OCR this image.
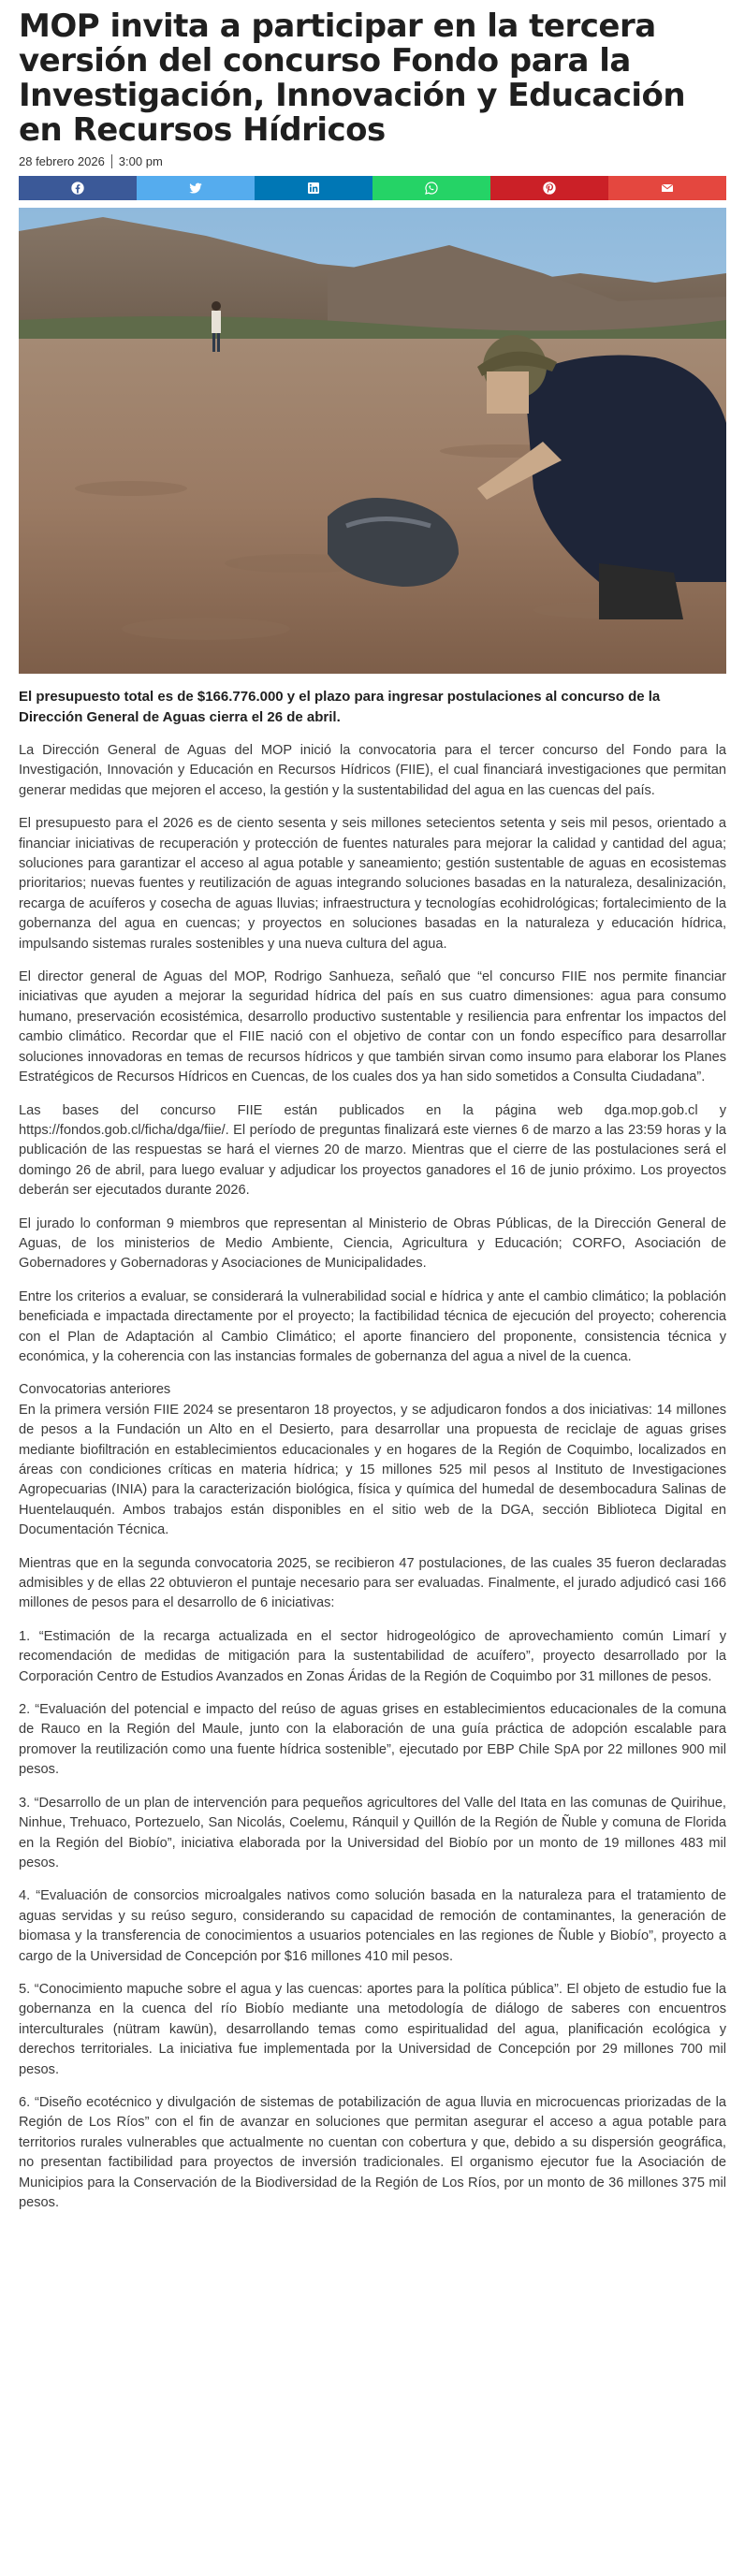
MOP invita a participar en la tercera versión del concurso Fondo para la Investigación, Innovación y Educación en Recursos Hídricos
28 febrero 2026 3:00 pm

El presupuesto total es de $166.776.000 y el plazo para ingresar postulaciones al concurso de la Dirección General de Aguas cierra el 26 de abril.

La Dirección General de Aguas del MOP inició la convocatoria para el tercer concurso del Fondo para la Investigación, Innovación y Educación en Recursos Hídricos (FIIE), el cual financiará investigaciones que permitan generar medidas que mejoren el acceso, la gestión y la sustentabilidad del agua en las cuencas del país.

El presupuesto para el 2026 es de ciento sesenta y seis millones setecientos setenta y seis mil pesos, orientado a financiar iniciativas de recuperación y protección de fuentes naturales para mejorar la calidad y cantidad del agua; soluciones para garantizar el acceso al agua potable y saneamiento; gestión sustentable de aguas en ecosistemas prioritarios; nuevas fuentes y reutilización de aguas integrando soluciones basadas en la naturaleza, desalinización, recarga de acuíferos y cosecha de aguas lluvias; infraestructura y tecnologías ecohidrológicas; fortalecimiento de la gobernanza del agua en cuencas; y proyectos en soluciones basadas en la naturaleza y educación hídrica, impulsando sistemas rurales sostenibles y una nueva cultura del agua.

El director general de Aguas del MOP, Rodrigo Sanhueza, señaló que “el concurso FIIE nos permite financiar iniciativas que ayuden a mejorar la seguridad hídrica del país en sus cuatro dimensiones: agua para consumo humano, preservación ecosistémica, desarrollo productivo sustentable y resiliencia para enfrentar los impactos del cambio climático. Recordar que el FIIE nació con el objetivo de contar con un fondo específico para desarrollar soluciones innovadoras en temas de recursos hídricos y que también sirvan como insumo para elaborar los Planes Estratégicos de Recursos Hídricos en Cuencas, de los cuales dos ya han sido sometidos a Consulta Ciudadana”.

Las bases del concurso FIIE están publicados en la página web dga.mop.gob.cl y https://fondos.gob.cl/ficha/dga/fiie/. El período de preguntas finalizará este viernes 6 de marzo a las 23:59 horas y la publicación de las respuestas se hará el viernes 20 de marzo. Mientras que el cierre de las postulaciones será el domingo 26 de abril, para luego evaluar y adjudicar los proyectos ganadores el 16 de junio próximo. Los proyectos deberán ser ejecutados durante 2026.

El jurado lo conforman 9 miembros que representan al Ministerio de Obras Públicas, de la Dirección General de Aguas, de los ministerios de Medio Ambiente, Ciencia, Agricultura y Educación; CORFO, Asociación de Gobernadores y Gobernadoras y Asociaciones de Municipalidades.

Entre los criterios a evaluar, se considerará la vulnerabilidad social e hídrica y ante el cambio climático; la población beneficiada e impactada directamente por el proyecto; la factibilidad técnica de ejecución del proyecto; coherencia con el Plan de Adaptación al Cambio Climático; el aporte financiero del proponente, consistencia técnica y económica, y la coherencia con las instancias formales de gobernanza del agua a nivel de la cuenca.

Convocatorias anteriores

En la primera versión FIIE 2024 se presentaron 18 proyectos, y se adjudicaron fondos a dos iniciativas: 14 millones de pesos a la Fundación un Alto en el Desierto, para desarrollar una propuesta de reciclaje de aguas grises mediante biofiltración en establecimientos educacionales y en hogares de la Región de Coquimbo, localizados en áreas con condiciones críticas en materia hídrica; y 15 millones 525 mil pesos al Instituto de Investigaciones Agropecuarias (INIA) para la caracterización biológica, física y química del humedal de desembocadura Salinas de Huentelauquén. Ambos trabajos están disponibles en el sitio web de la DGA, sección Biblioteca Digital en Documentación Técnica.

Mientras que en la segunda convocatoria 2025, se recibieron 47 postulaciones, de las cuales 35 fueron declaradas admisibles y de ellas 22 obtuvieron el puntaje necesario para ser evaluadas. Finalmente, el jurado adjudicó casi 166 millones de pesos para el desarrollo de 6 iniciativas:

1. “Estimación de la recarga actualizada en el sector hidrogeológico de aprovechamiento común Limarí y recomendación de medidas de mitigación para la sustentabilidad de acuífero”, proyecto desarrollado por la Corporación Centro de Estudios Avanzados en Zonas Áridas de la Región de Coquimbo por 31 millones de pesos.

2. “Evaluación del potencial e impacto del reúso de aguas grises en establecimientos educacionales de la comuna de Rauco en la Región del Maule, junto con la elaboración de una guía práctica de adopción escalable para promover la reutilización como una fuente hídrica sostenible”, ejecutado por EBP Chile SpA por 22 millones 900 mil pesos.

3. “Desarrollo de un plan de intervención para pequeños agricultores del Valle del Itata en las comunas de Quirihue, Ninhue, Trehuaco, Portezuelo, San Nicolás, Coelemu, Ránquil y Quillón de la Región de Ñuble y comuna de Florida en la Región del Biobío”, iniciativa elaborada por la Universidad del Biobío por un monto de 19 millones 483 mil pesos.

4. “Evaluación de consorcios microalgales nativos como solución basada en la naturaleza para el tratamiento de aguas servidas y su reúso seguro, considerando su capacidad de remoción de contaminantes, la generación de biomasa y la transferencia de conocimientos a usuarios potenciales en las regiones de Ñuble y Biobío”, proyecto a cargo de la Universidad de Concepción por $16 millones 410 mil pesos.

5. “Conocimiento mapuche sobre el agua y las cuencas: aportes para la política pública”. El objeto de estudio fue la gobernanza en la cuenca del río Biobío mediante una metodología de diálogo de saberes con encuentros interculturales (nütram kawün), desarrollando temas como espiritualidad del agua, planificación ecológica y derechos territoriales. La iniciativa fue implementada por la Universidad de Concepción por 29 millones 700 mil pesos.

6. “Diseño ecotécnico y divulgación de sistemas de potabilización de agua lluvia en microcuencas priorizadas de la Región de Los Ríos” con el fin de avanzar en soluciones que permitan asegurar el acceso a agua potable para territorios rurales vulnerables que actualmente no cuentan con cobertura y que, debido a su dispersión geográfica, no presentan factibilidad para proyectos de inversión tradicionales. El organismo ejecutor fue la Asociación de Municipios para la Conservación de la Biodiversidad de la Región de Los Ríos, por un monto de 36 millones 375 mil pesos.
